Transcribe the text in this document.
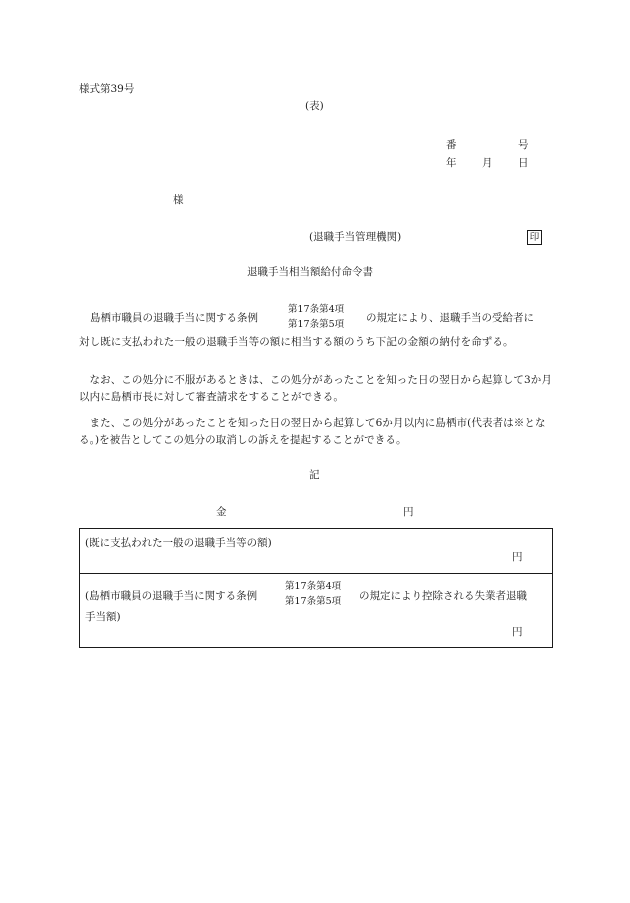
様式第39号
(表)
番	号
年 月 日
様
(退職手当管理機関)	印
退職手当相当額給付命令書
島栖市職員の退職手当に関する条例
第17条第4項
第17条第5項
の規定により、退職手当の受給者に
対し既に支払われた一般の退職手当等の額に相当する額のうち下記の金額の納付を命ずる。
なお、この処分に不服があるときは、この処分があったことを知った日の翌日から起算して3か月以内に島栖市長に対して審査請求をすることができる。
また、この処分があったことを知った日の翌日から起算して6か月以内に島栖市(代表者は※となる。)を被告としてこの処分の取消しの訴えを提起することができる。
記
金	円
(既に支払われた一般の退職手当等の額)
円
(島栖市職員の退職手当に関する条例
第17条第4項
第17条第5項 の規定により控除される失業者退職
手当額)
円
